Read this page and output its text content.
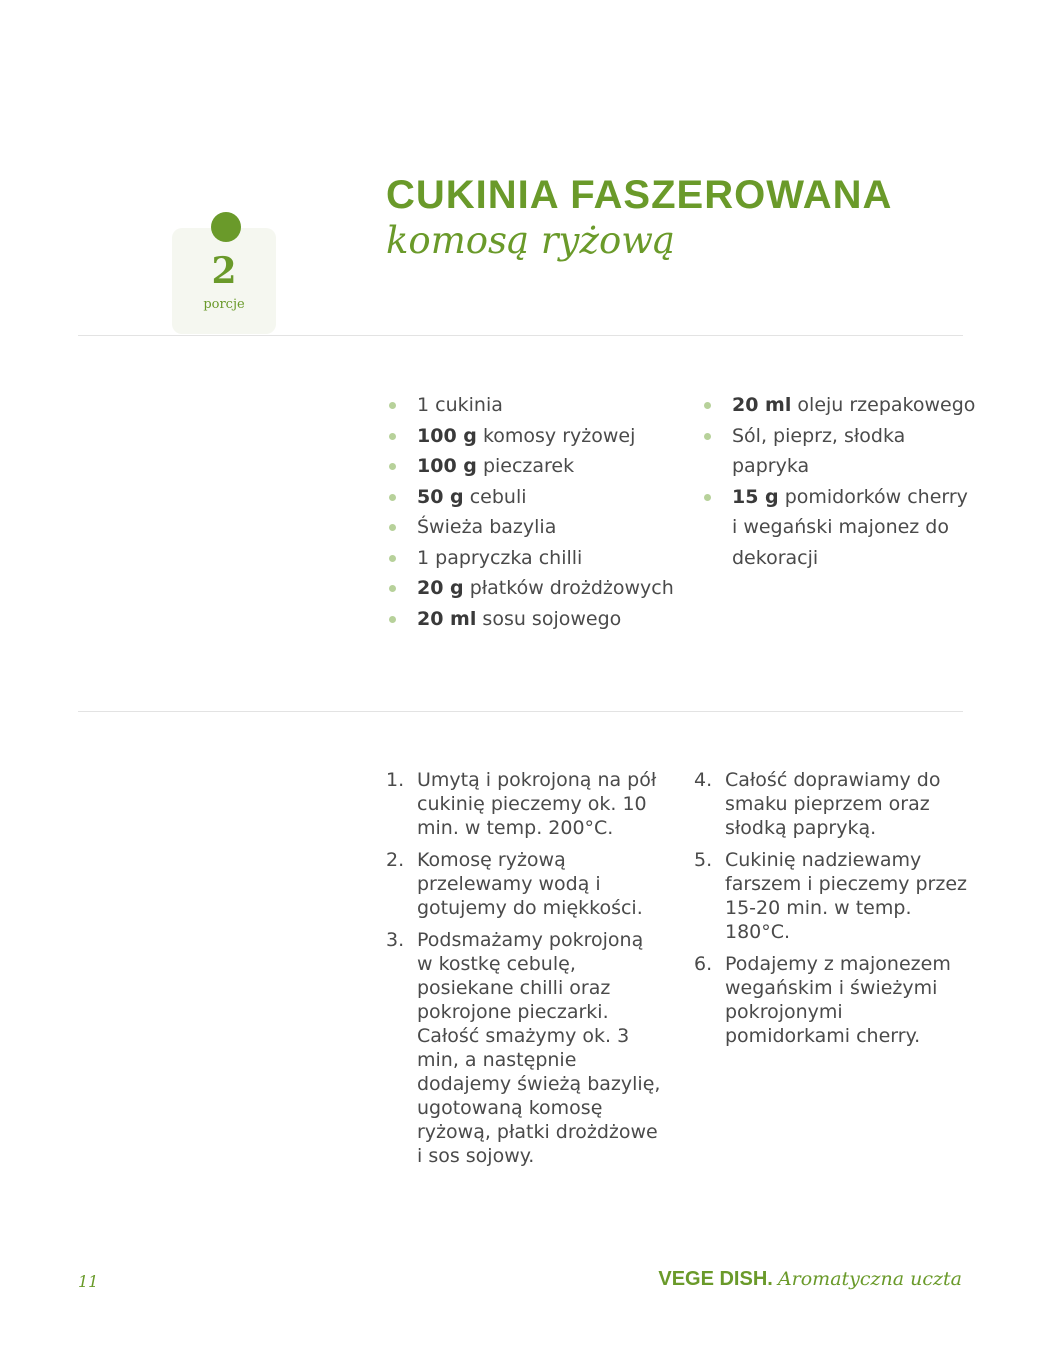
2
porcje
CUKINIA FASZEROWANA

komosą ryżową

1 cukinia
100 g komosy ryżowej
100 g pieczarek
50 g cebuli
Świeża bazylia
1 papryczka chilli
20 g płatków drożdżowych
20 ml sosu sojowego
20 ml oleju rzepakowego
Sól, pieprz, słodka papryka
15 g pomidorków cherry i wegański majonez do dekoracji
1. Umytą i pokrojoną na pół cukinię pieczemy ok. 10 min. w temp. 200°C.
2. Komosę ryżową przelewamy wodą i gotujemy do miękkości.
3. Podsmażamy pokrojoną w kostkę cebulę, posiekane chilli oraz pokrojone pieczarki. Całość smażymy ok. 3 min, a następnie dodajemy świeżą bazylię, ugotowaną komosę ryżową, płatki drożdżowe i sos sojowy.
4. Całość doprawiamy do smaku pieprzem oraz słodką papryką.
5. Cukinię nadziewamy farszem i pieczemy przez 15-20 min. w temp. 180°C.
6. Podajemy z majonezem wegańskim i świeżymi pokrojonymi pomidorkami cherry.
11	VEGE DISH. Aromatyczna uczta
